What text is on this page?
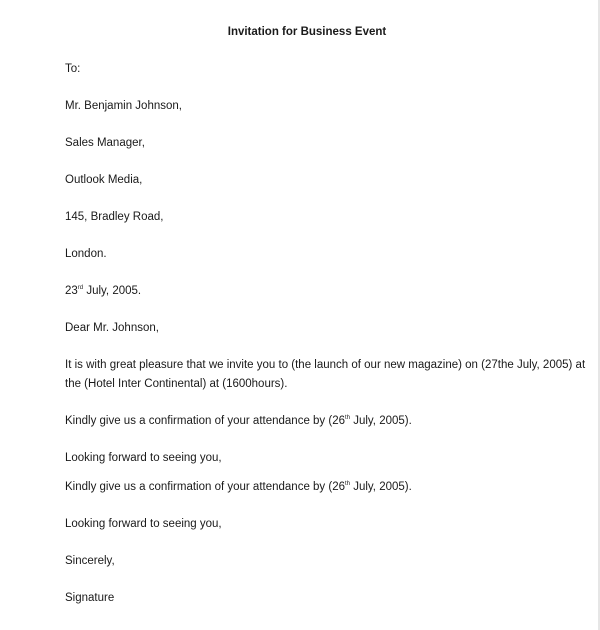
Invitation for Business Event
To:
Mr. Benjamin Johnson,
Sales Manager,
Outlook Media,
145, Bradley Road,
London.
23rd July, 2005.
Dear Mr. Johnson,
It is with great pleasure that we invite you to (the launch of our new magazine) on (27the July, 2005) at
the (Hotel Inter Continental) at (1600hours).
Kindly give us a confirmation of your attendance by (26th July, 2005).
Looking forward to seeing you,
Kindly give us a confirmation of your attendance by (26th July, 2005).
Looking forward to seeing you,
Sincerely,
Signature
